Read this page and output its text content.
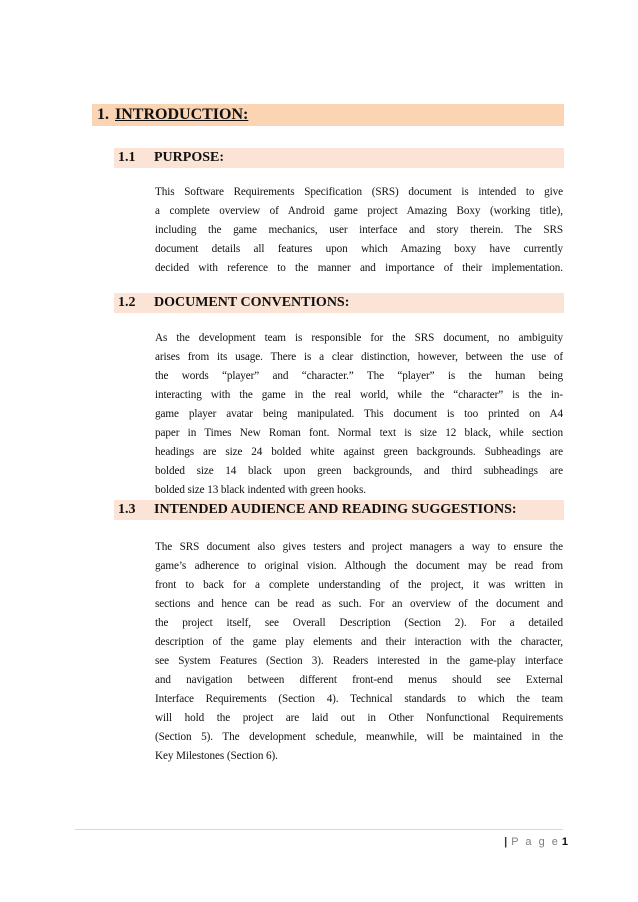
1. INTRODUCTION:
1.1	PURPOSE:
This Software Requirements Specification (SRS) document is intended to give
a complete overview of Android game project Amazing Boxy (working title),
including the game mechanics, user interface and story therein. The SRS
document details all features upon which Amazing boxy have currently
decided with reference to the manner and importance of their implementation.
1.2	DOCUMENT CONVENTIONS:
As the development team is responsible for the SRS document, no ambiguity
arises from its usage. There is a clear distinction, however, between the use of
the words “player” and “character.” The “player” is the human being
interacting with the game in the real world, while the “character” is the in-
game player avatar being manipulated. This document is too printed on A4
paper in Times New Roman font. Normal text is size 12 black, while section
headings are size 24 bolded white against green backgrounds. Subheadings are
bolded size 14 black upon green backgrounds, and third subheadings are
bolded size 13 black indented with green hooks.
1.3	INTENDED AUDIENCE AND READING SUGGESTIONS:
The SRS document also gives testers and project managers a way to ensure the
game’s adherence to original vision. Although the document may be read from
front to back for a complete understanding of the project, it was written in
sections and hence can be read as such. For an overview of the document and
the project itself, see Overall Description (Section 2). For a detailed
description of the game play elements and their interaction with the character,
see System Features (Section 3). Readers interested in the game-play interface
and navigation between different front-end menus should see External
Interface Requirements (Section 4). Technical standards to which the team
will hold the project are laid out in Other Nonfunctional Requirements
(Section 5). The development schedule, meanwhile, will be maintained in the
Key Milestones (Section 6).
| P a g e 1
